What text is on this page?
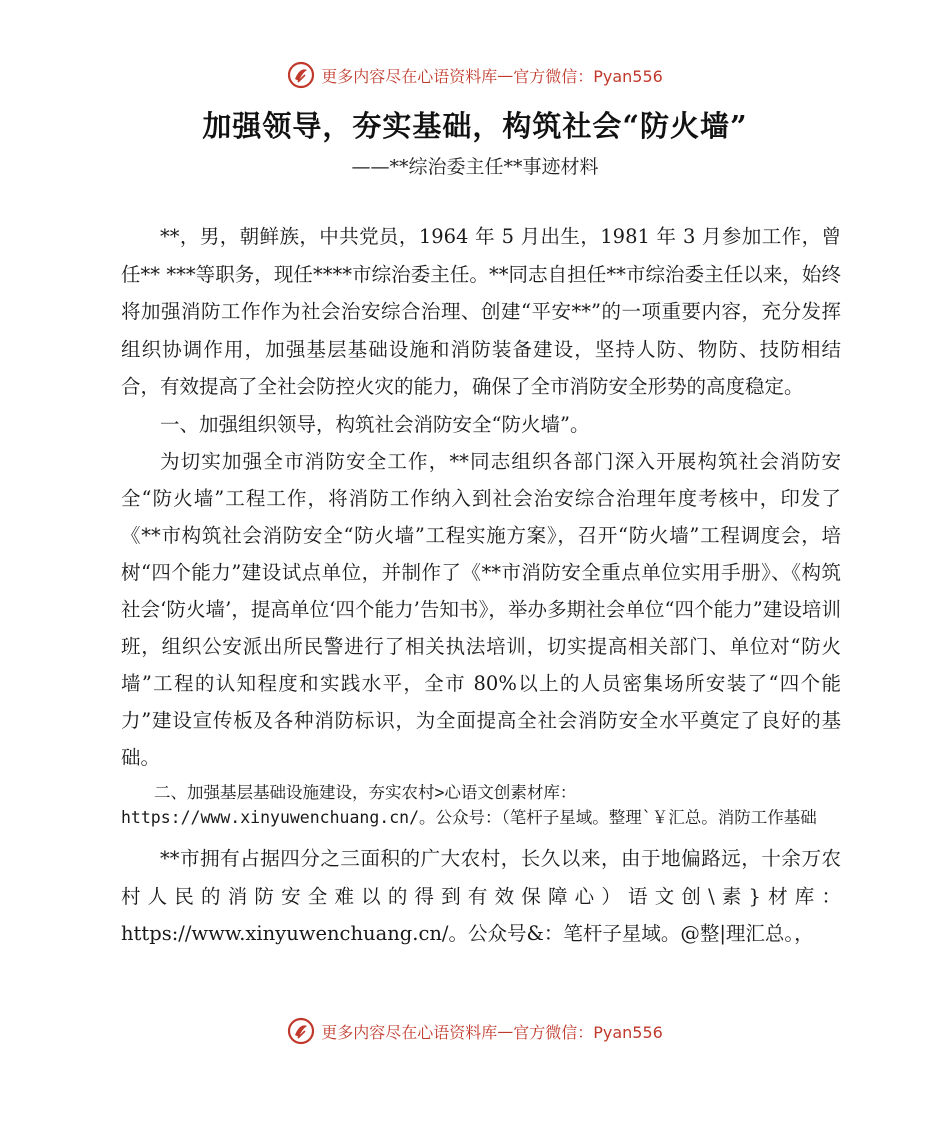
更多内容尽在心语资料库 — 官方微信：Pyan556
加强领导，夯实基础，构筑社会“防火墙”
——**综治委主任**事迹材料

**，男，朝鲜族，中共党员，1964 年 5 月出生，1981 年 3 月参加工作，曾任** ***等职务，现任****市综治委主任。**同志自担任**市综治委主任以来，始终将加强消防工作作为社会治安综合治理、创建“平安**”的一项重要内容，充分发挥组织协调作用，加强基层基础设施和消防装备建设，坚持人防、物防、技防相结合，有效提高了全社会防控火灾的能力，确保了全市消防安全形势的高度稳定。

一、加强组织领导，构筑社会消防安全“防火墙”。

为切实加强全市消防安全工作，**同志组织各部门深入开展构筑社会消防安全“防火墙”工程工作，将消防工作纳入到社会治安综合治理年度考核中，印发了《**市构筑社会消防安全“防火墙”工程实施方案》，召开“防火墙”工程调度会，培树“四个能力”建设试点单位，并制作了《**市消防安全重点单位实用手册》、《构筑社会‘防火墙’，提高单位‘四个能力’告知书》，举办多期社会单位“四个能力”建设培训班，组织公安派出所民警进行了相关执法培训，切实提高相关部门、单位对“防火墙”工程的认知程度和实践水平，全市 80%以上的人员密集场所安装了“四个能力”建设宣传板及各种消防标识，为全面提高全社会消防安全水平奠定了良好的基础。

二、加强基层基础设施建设，夯实农村>心语文创素材库：https://www.xinyuwenchuang.cn/。公众号：（笔杆子星域。整理`￥汇总。消防工作基础

**市拥有占据四分之三面积的广大农村，长久以来，由于地偏路远，十余万农村人民的消防安全难以的得到有效保障心）语文创\素}材库：https://www.xinyuwenchuang.cn/。公众号&：笔杆子星域。@整|理汇总。，

更多内容尽在心语资料库 — 官方微信：Pyan556
